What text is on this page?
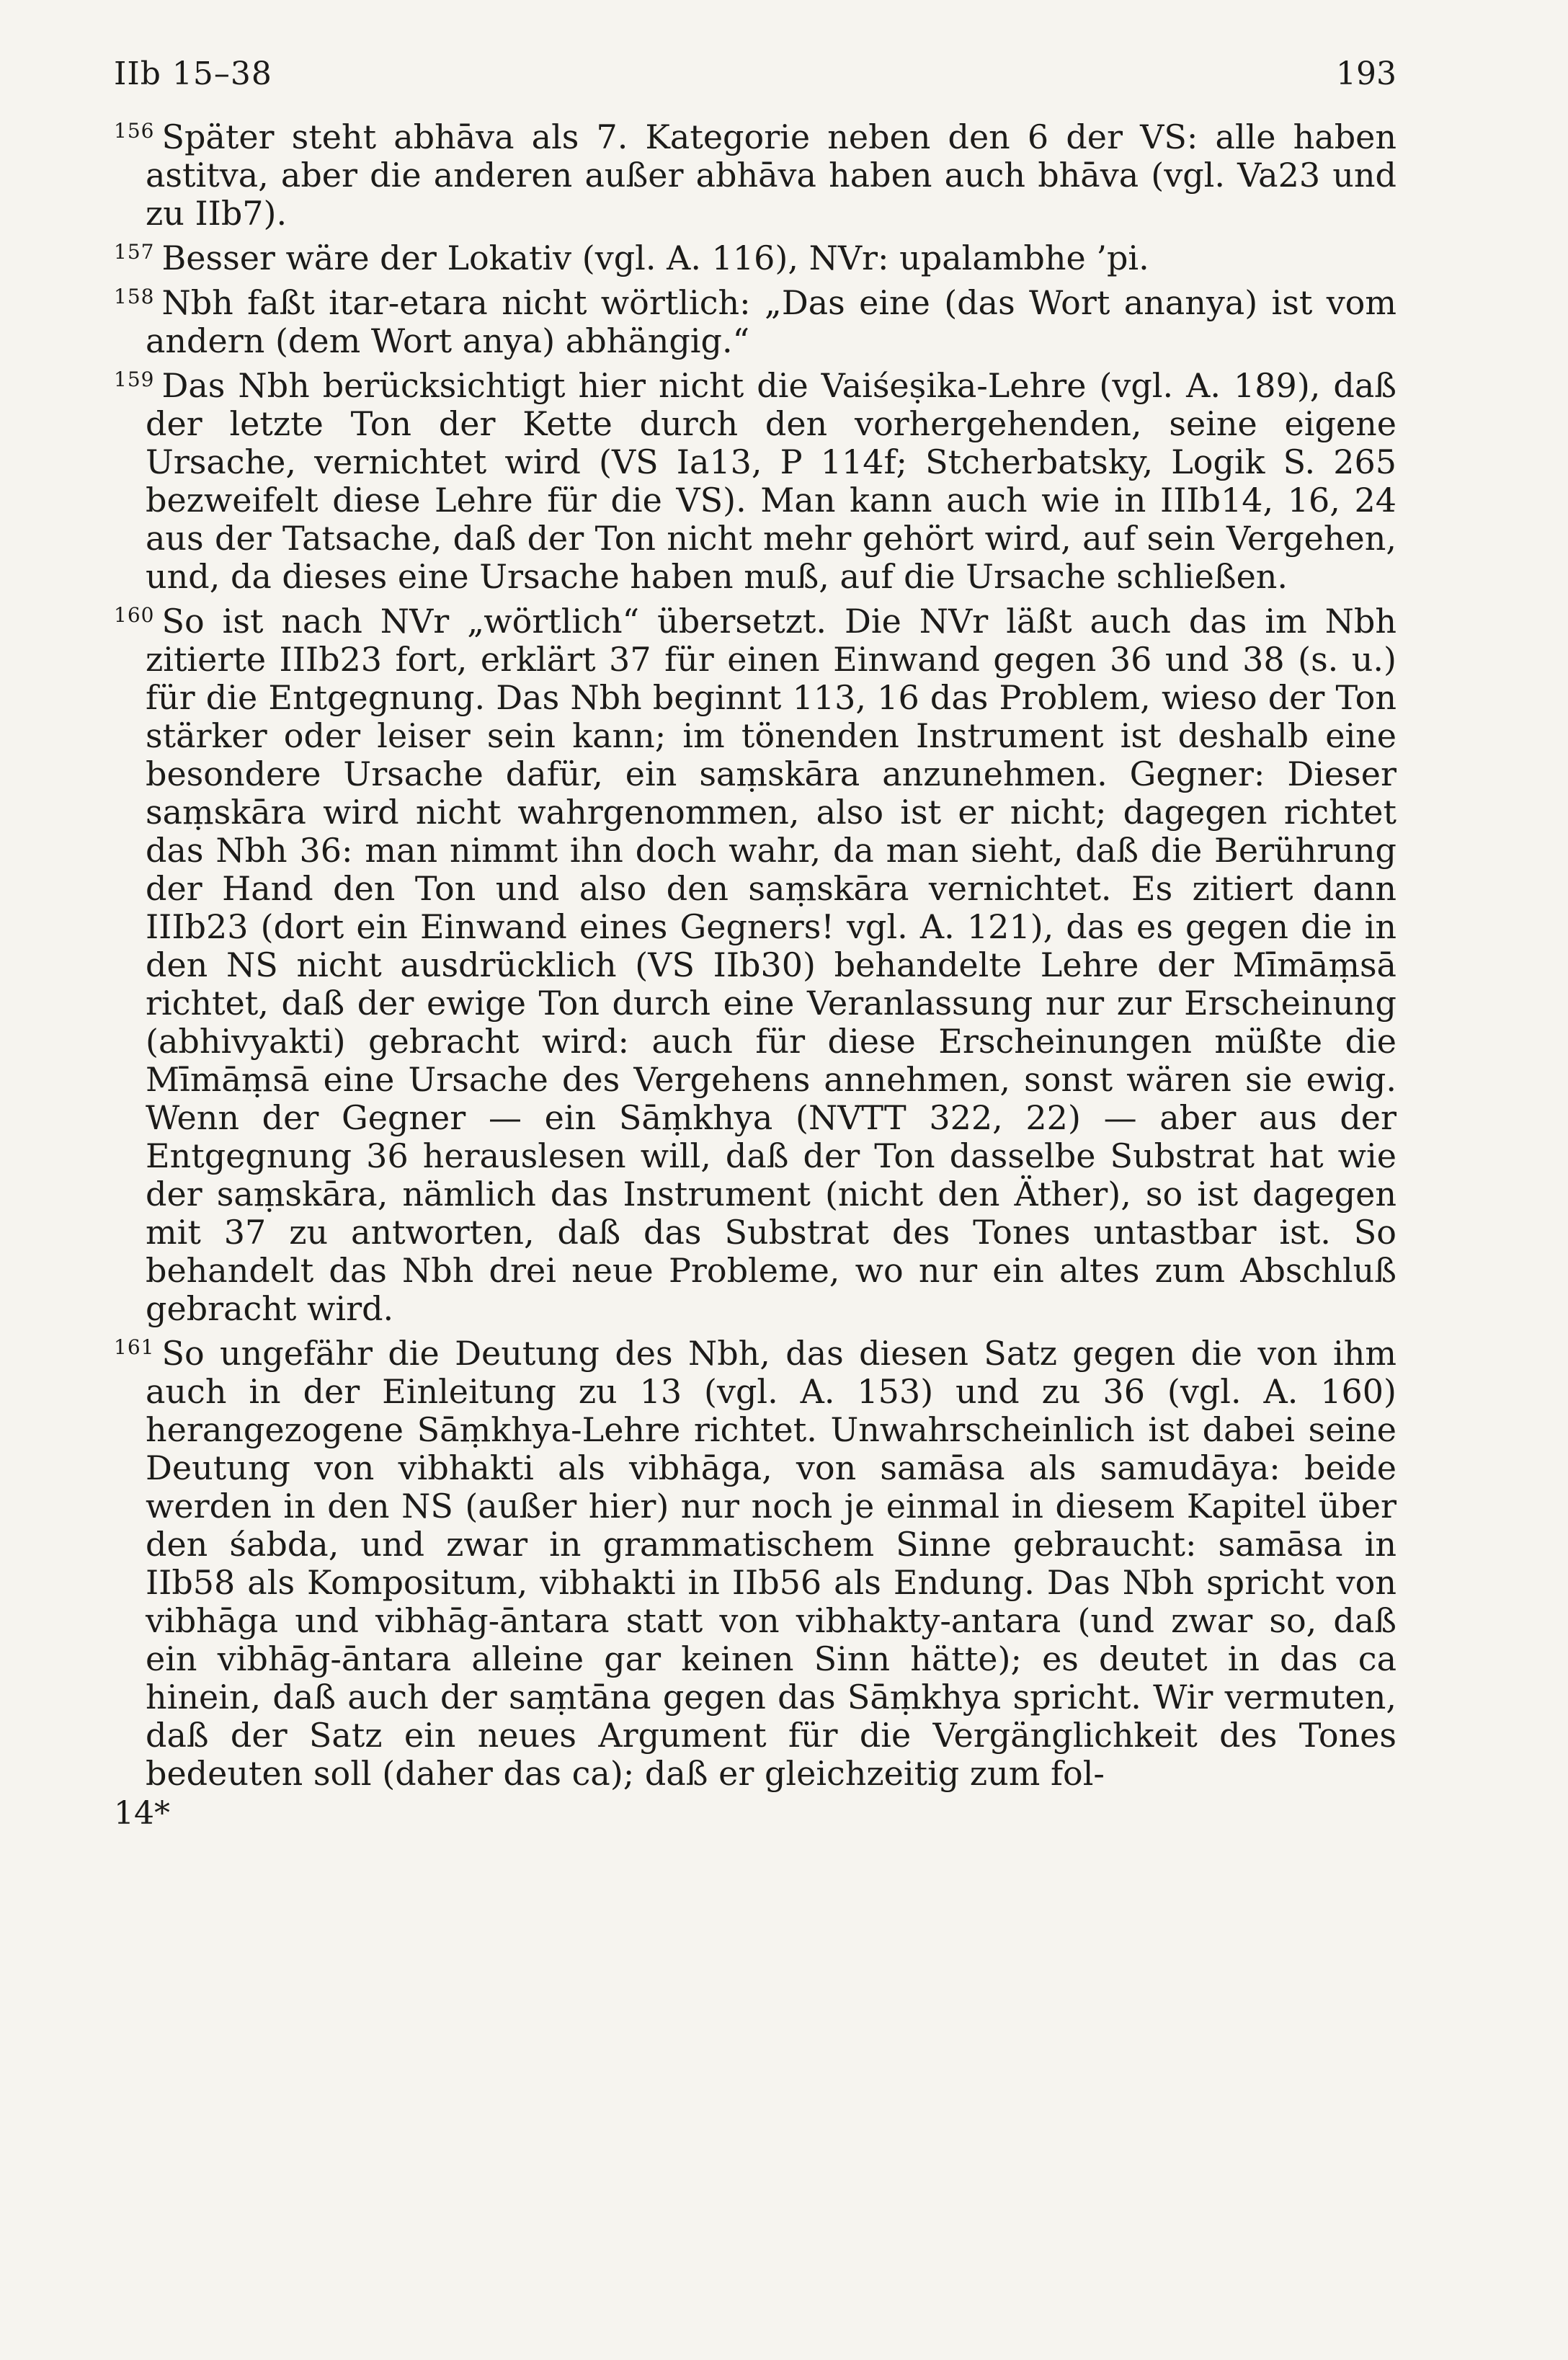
IIb 15–38	193

156 Später steht abhāva als 7. Kategorie neben den 6 der VS: alle haben astitva, aber die anderen außer abhāva haben auch bhāva (vgl. Va23 und zu IIb7).

157 Besser wäre der Lokativ (vgl. A. 116), NVr: upalambhe ’pi.

158 Nbh faßt itar-etara nicht wörtlich: „Das eine (das Wort ananya) ist vom andern (dem Wort anya) abhängig.“

159 Das Nbh berücksichtigt hier nicht die Vaiśeṣika-Lehre (vgl. A. 189), daß der letzte Ton der Kette durch den vorhergehenden, seine eigene Ursache, vernichtet wird (VS Ia13, P 114f; Stcherbatsky, Logik S. 265 bezweifelt diese Lehre für die VS). Man kann auch wie in IIIb14, 16, 24 aus der Tatsache, daß der Ton nicht mehr gehört wird, auf sein Vergehen, und, da dieses eine Ursache haben muß, auf die Ursache schließen.

160 So ist nach NVr „wörtlich“ übersetzt. Die NVr läßt auch das im Nbh zitierte IIIb23 fort, erklärt 37 für einen Einwand gegen 36 und 38 (s. u.) für die Entgegnung. Das Nbh beginnt 113, 16 das Problem, wieso der Ton stärker oder leiser sein kann; im tönenden Instrument ist deshalb eine besondere Ursache dafür, ein saṃskāra anzunehmen. Gegner: Dieser saṃskāra wird nicht wahrgenommen, also ist er nicht; dagegen richtet das Nbh 36: man nimmt ihn doch wahr, da man sieht, daß die Berührung der Hand den Ton und also den saṃskāra vernichtet. Es zitiert dann IIIb23 (dort ein Einwand eines Gegners! vgl. A. 121), das es gegen die in den NS nicht ausdrücklich (VS IIb30) behandelte Lehre der Mīmāṃsā richtet, daß der ewige Ton durch eine Veranlassung nur zur Erscheinung (abhivyakti) gebracht wird: auch für diese Erscheinungen müßte die Mīmāṃsā eine Ursache des Vergehens annehmen, sonst wären sie ewig. Wenn der Gegner — ein Sāṃkhya (NVTT 322, 22) — aber aus der Entgegnung 36 herauslesen will, daß der Ton dasselbe Substrat hat wie der saṃskāra, nämlich das Instrument (nicht den Äther), so ist dagegen mit 37 zu antworten, daß das Substrat des Tones untastbar ist. So behandelt das Nbh drei neue Probleme, wo nur ein altes zum Abschluß gebracht wird.

161 So ungefähr die Deutung des Nbh, das diesen Satz gegen die von ihm auch in der Einleitung zu 13 (vgl. A. 153) und zu 36 (vgl. A. 160) herangezogene Sāṃkhya-Lehre richtet. Unwahrscheinlich ist dabei seine Deutung von vibhakti als vibhāga, von samāsa als samudāya: beide werden in den NS (außer hier) nur noch je einmal in diesem Kapitel über den śabda, und zwar in grammatischem Sinne gebraucht: samāsa in IIb58 als Kompositum, vibhakti in IIb56 als Endung. Das Nbh spricht von vibhāga und vibhāg-āntara statt von vibhakty-antara (und zwar so, daß ein vibhāg-āntara alleine gar keinen Sinn hätte); es deutet in das ca hinein, daß auch der saṃtāna gegen das Sāṃkhya spricht. Wir vermuten, daß der Satz ein neues Argument für die Vergänglichkeit des Tones bedeuten soll (daher das ca); daß er gleichzeitig zum fol-

14*
